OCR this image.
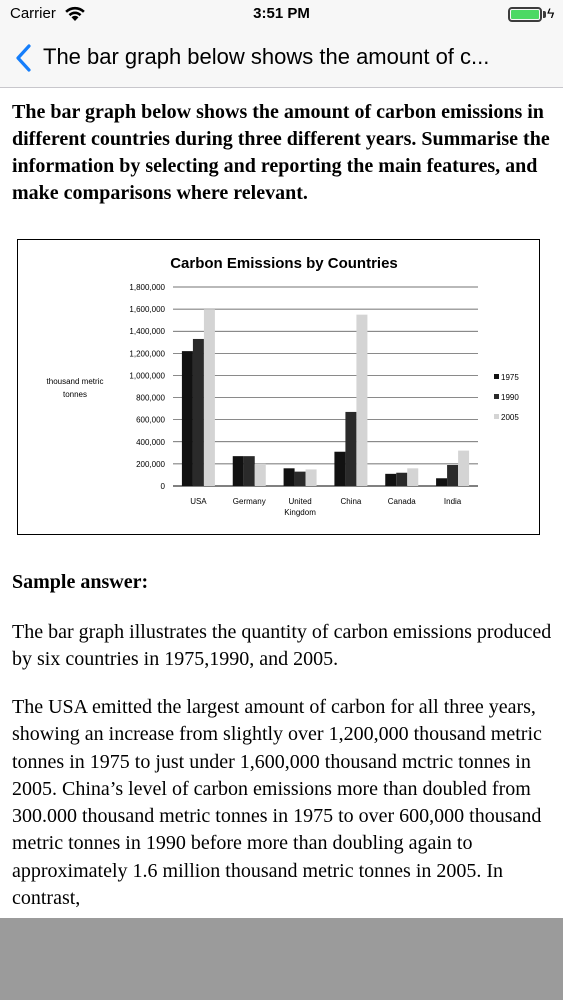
Carrier	3:51 PM	ϟ
The bar graph below shows the amount of c...

The bar graph below shows the amount of carbon emissions in different countries during three different years. Summarise the information by selecting and reporting the main features, and make comparisons where relevant.

Carbon Emissions by Countries
0
200,000
400,000
600,000
800,000
1,000,000
1,200,000
1,400,000
1,600,000
1,800,000
thousand metric
tonnes
USA	Germany	United
Kingdom
China	Canada	India
1975
1990
2005

Sample answer:

The bar graph illustrates the quantity of carbon emissions produced by six countries in 1975,1990, and 2005.

The USA emitted the largest amount of carbon for all three years, showing an increase from slightly over 1,200,000 thousand metric tonnes in 1975 to just under 1,600,000 thousand mctric tonnes in 2005. China’s level of carbon emissions more than doubled from 300.000 thousand metric tonnes in 1975 to over 600,000 thousand metric tonnes in 1990 before more than doubling again to approximately 1.6 million thousand metric tonnes in 2005. In contrast,
